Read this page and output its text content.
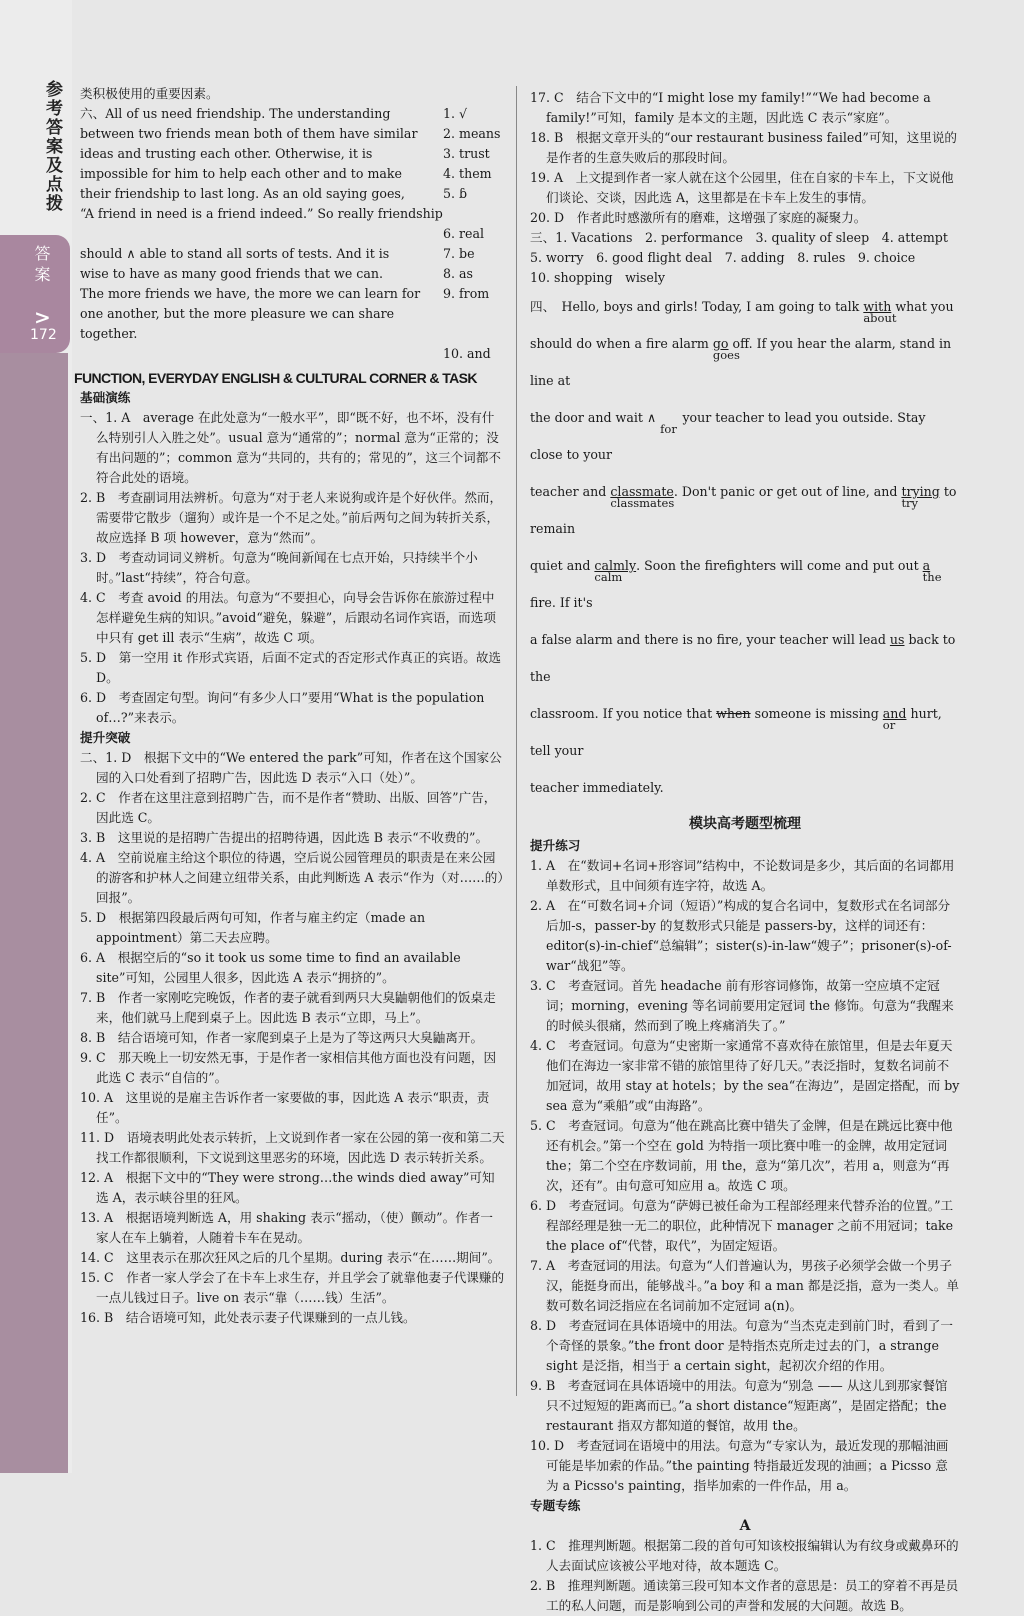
参考答案及点拨
答 案
>
172

类积极使用的重要因素。

六、All of us need friendship. The understanding	1. √
between two friends mean both of them have similar	2. means
ideas and trusting each other. Otherwise, it is	3. trust
impossible for him to help each other and to make	4. them
their friendship to last long. As an old saying goes,	5. ɓ
“A friend in need is a friend indeed.” So really friendship
6. real
should ∧ able to stand all sorts of tests. And it is	7. be
wise to have as many good friends that we can.	8. as
The more friends we have, the more we can learn for	9. from
one another, but the more pleasure we can share together.
10. and

FUNCTION, EVERYDAY ENGLISH & CULTURAL CORNER & TASK

基础演练

一、1. A　average 在此处意为“一般水平”，即“既不好，也不坏，没有什么特别引人入胜之处”。usual 意为“通常的”；normal 意为“正常的；没有出问题的”；common 意为“共同的，共有的；常见的”，这三个词都不符合此处的语境。

2. B　考查副词用法辨析。句意为“对于老人来说狗或许是个好伙伴。然而，需要带它散步（遛狗）或许是一个不足之处。”前后两句之间为转折关系，故应选择 B 项 however，意为“然而”。

3. D　考查动词词义辨析。句意为“晚间新闻在七点开始，只持续半个小时。”last“持续”，符合句意。

4. C　考查 avoid 的用法。句意为“不要担心，向导会告诉你在旅游过程中怎样避免生病的知识。”avoid“避免，躲避”，后跟动名词作宾语，而选项中只有 get ill 表示“生病”，故选 C 项。

5. D　第一空用 it 作形式宾语，后面不定式的否定形式作真正的宾语。故选 D。

6. D　考查固定句型。询问“有多少人口”要用“What is the population of…?”来表示。

提升突破

二、1. D　根据下文中的“We entered the park”可知，作者在这个国家公园的入口处看到了招聘广告，因此选 D 表示“入口（处）”。

2. C　作者在这里注意到招聘广告，而不是作者“赞助、出版、回答”广告，因此选 C。

3. B　这里说的是招聘广告提出的招聘待遇，因此选 B 表示“不收费的”。

4. A　空前说雇主给这个职位的待遇，空后说公园管理员的职责是在来公园的游客和护林人之间建立纽带关系，由此判断选 A 表示“作为（对……的）回报”。

5. D　根据第四段最后两句可知，作者与雇主约定（made an appointment）第二天去应聘。

6. A　根据空后的“so it took us some time to find an available site”可知，公园里人很多，因此选 A 表示“拥挤的”。

7. B　作者一家刚吃完晚饭，作者的妻子就看到两只大臭鼬朝他们的饭桌走来，他们就马上爬到桌子上。因此选 B 表示“立即，马上”。

8. B　结合语境可知，作者一家爬到桌子上是为了等这两只大臭鼬离开。

9. C　那天晚上一切安然无事，于是作者一家相信其他方面也没有问题，因此选 C 表示“自信的”。

10. A　这里说的是雇主告诉作者一家要做的事，因此选 A 表示“职责，责任”。

11. D　语境表明此处表示转折，上文说到作者一家在公园的第一夜和第二天找工作都很顺利，下文说到这里恶劣的环境，因此选 D 表示转折关系。

12. A　根据下文中的“They were strong…the winds died away”可知选 A，表示峡谷里的狂风。

13. A　根据语境判断选 A，用 shaking 表示“摇动，（使）颤动”。作者一家人在车上躺着，人随着卡车在晃动。

14. C　这里表示在那次狂风之后的几个星期。during 表示“在……期间”。

15. C　作者一家人学会了在卡车上求生存，并且学会了就靠他妻子代课赚的一点儿钱过日子。live on 表示“靠（……钱）生活”。

16. B　结合语境可知，此处表示妻子代课赚到的一点儿钱。

17. C　结合下文中的“I might lose my family!”“We had become a family!”可知，family 是本文的主题，因此选 C 表示“家庭”。

18. B　根据文章开头的“our restaurant business failed”可知，这里说的是作者的生意失败后的那段时间。

19. A　上文提到作者一家人就在这个公园里，住在自家的卡车上，下文说他们谈论、交谈，因此选 A，这里都是在卡车上发生的事情。

20. D　作者此时感激所有的磨难，这增强了家庭的凝聚力。

三、1. Vacations　2. performance　3. quality of sleep　4. attempt

5. worry　6. good flight deal　7. adding　8. rules　9. choice

10. shopping　wisely

四、　Hello, boys and girls! Today, I am going to talk with
about
what you

should do when a fire alarm go
goes
off. If you hear the alarm, stand in line at

the door and wait ∧
for
your teacher to lead you outside. Stay close to your

teacher and classmate
classmates
. Don't panic or get out of line, and trying
try
to remain

quiet and calmly
calm
. Soon the firefighters will come and put out a
the
fire. If it's

a false alarm and there is no fire, your teacher will lead us back to the

classroom. If you notice that when someone is missing and
or
hurt, tell your

teacher immediately.

模块高考题型梳理

提升练习

1. A　在“数词+名词+形容词”结构中，不论数词是多少，其后面的名词都用单数形式，且中间须有连字符，故选 A。

2. A　在“可数名词+介词（短语）”构成的复合名词中，复数形式在名词部分后加-s，passer-by 的复数形式只能是 passers-by，这样的词还有：editor(s)-in-chief“总编辑”；sister(s)-in-law“嫂子”；prisoner(s)-of-war“战犯”等。

3. C　考查冠词。首先 headache 前有形容词修饰，故第一空应填不定冠词；morning，evening 等名词前要用定冠词 the 修饰。句意为“我醒来的时候头很痛，然而到了晚上疼痛消失了。”

4. C　考查冠词。句意为“史密斯一家通常不喜欢待在旅馆里，但是去年夏天他们在海边一家非常不错的旅馆里待了好几天。”表泛指时，复数名词前不加冠词，故用 stay at hotels；by the sea“在海边”，是固定搭配，而 by sea 意为“乘船”或“由海路”。

5. C　考查冠词。句意为“他在跳高比赛中错失了金牌，但是在跳远比赛中他还有机会。”第一个空在 gold 为特指一项比赛中唯一的金牌，故用定冠词 the；第二个空在序数词前，用 the，意为“第几次”，若用 a，则意为“再次，还有”。由句意可知应用 a。故选 C 项。

6. D　考查冠词。句意为“萨姆已被任命为工程部经理来代替乔治的位置。”工程部经理是独一无二的职位，此种情况下 manager 之前不用冠词；take the place of“代替，取代”，为固定短语。

7. A　考查冠词的用法。句意为“人们普遍认为，男孩子必须学会做一个男子汉，能挺身而出，能够战斗。”a boy 和 a man 都是泛指，意为一类人。单数可数名词泛指应在名词前加不定冠词 a(n)。

8. D　考查冠词在具体语境中的用法。句意为“当杰克走到前门时，看到了一个奇怪的景象。”the front door 是特指杰克所走过去的门，a strange sight 是泛指，相当于 a certain sight，起初次介绍的作用。

9. B　考查冠词在具体语境中的用法。句意为“别急 —— 从这儿到那家餐馆只不过短短的距离而已。”a short distance“短距离”，是固定搭配；the restaurant 指双方都知道的餐馆，故用 the。

10. D　考查冠词在语境中的用法。句意为“专家认为，最近发现的那幅油画可能是毕加索的作品。”the painting 特指最近发现的油画；a Picsso 意为 a Picsso's painting，指毕加索的一件作品，用 a。

专题专练

A

1. C　推理判断题。根据第二段的首句可知该校报编辑认为有纹身或戴鼻环的人去面试应该被公平地对待，故本题选 C。

2. B　推理判断题。通读第三段可知本文作者的意思是：员工的穿着不再是员工的私人问题，而是影响到公司的声誉和发展的大问题。故选 B。
